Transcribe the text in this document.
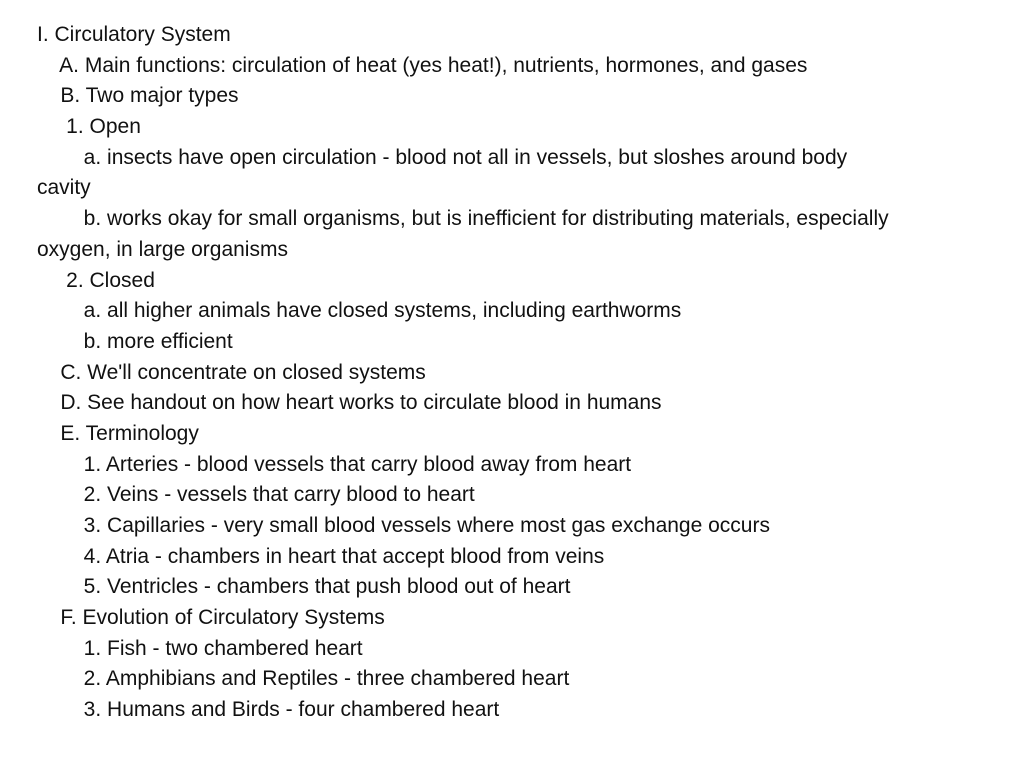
I. Circulatory System
A. Main functions: circulation of heat (yes heat!), nutrients, hormones, and gases
B. Two major types
1. Open
a. insects have open circulation - blood not all in vessels, but sloshes around body
cavity
b. works okay for small organisms, but is inefficient for distributing materials, especially
oxygen, in large organisms
2. Closed
a. all higher animals have closed systems, including earthworms
b. more efficient
C. We'll concentrate on closed systems
D. See handout on how heart works to circulate blood in humans
E. Terminology
1. Arteries - blood vessels that carry blood away from heart
2. Veins - vessels that carry blood to heart
3. Capillaries - very small blood vessels where most gas exchange occurs
4. Atria - chambers in heart that accept blood from veins
5. Ventricles - chambers that push blood out of heart
F. Evolution of Circulatory Systems
1. Fish - two chambered heart
2. Amphibians and Reptiles - three chambered heart
3. Humans and Birds - four chambered heart
